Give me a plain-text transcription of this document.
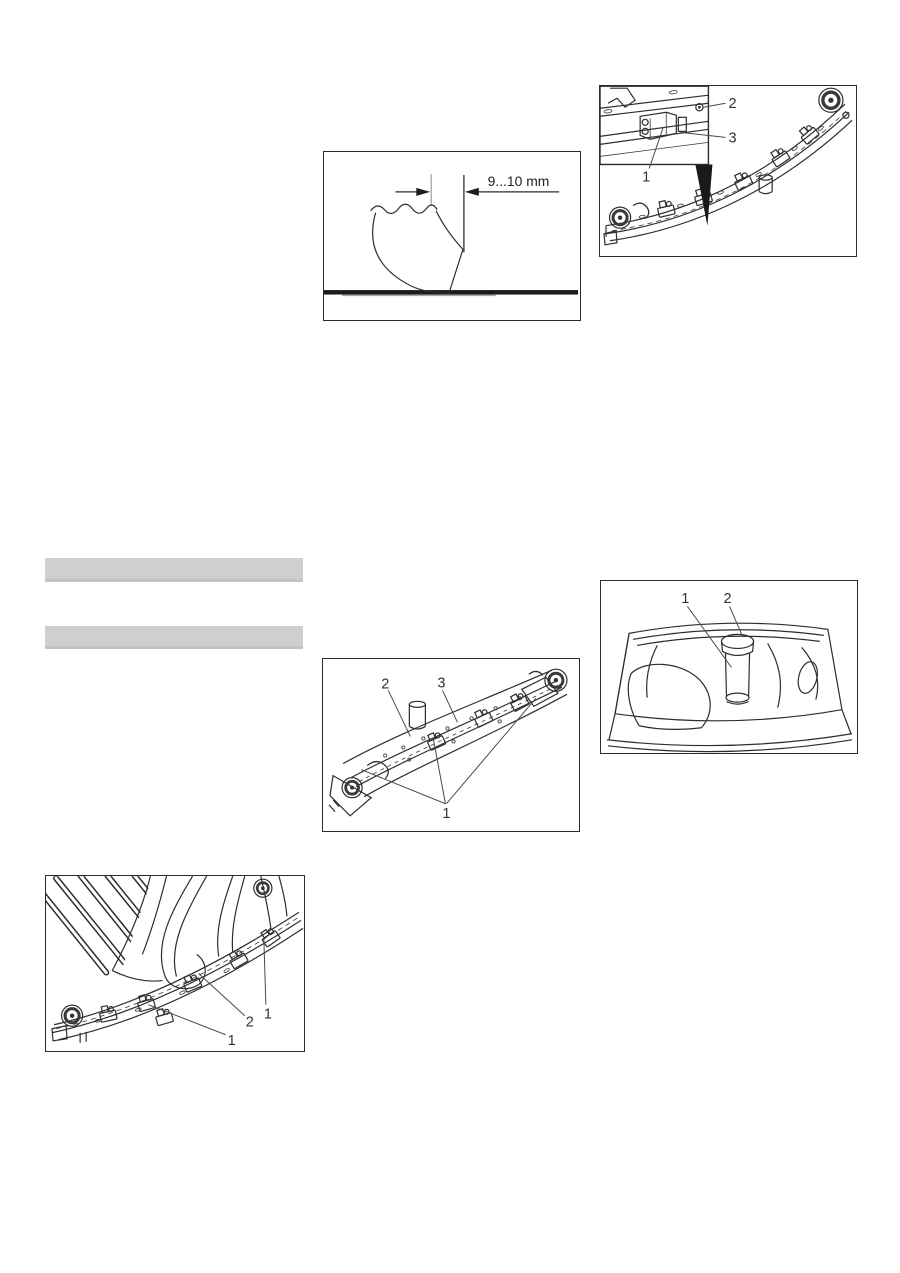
9...10 mm
2
3
1
2	3
1
1 2
2
1
1
